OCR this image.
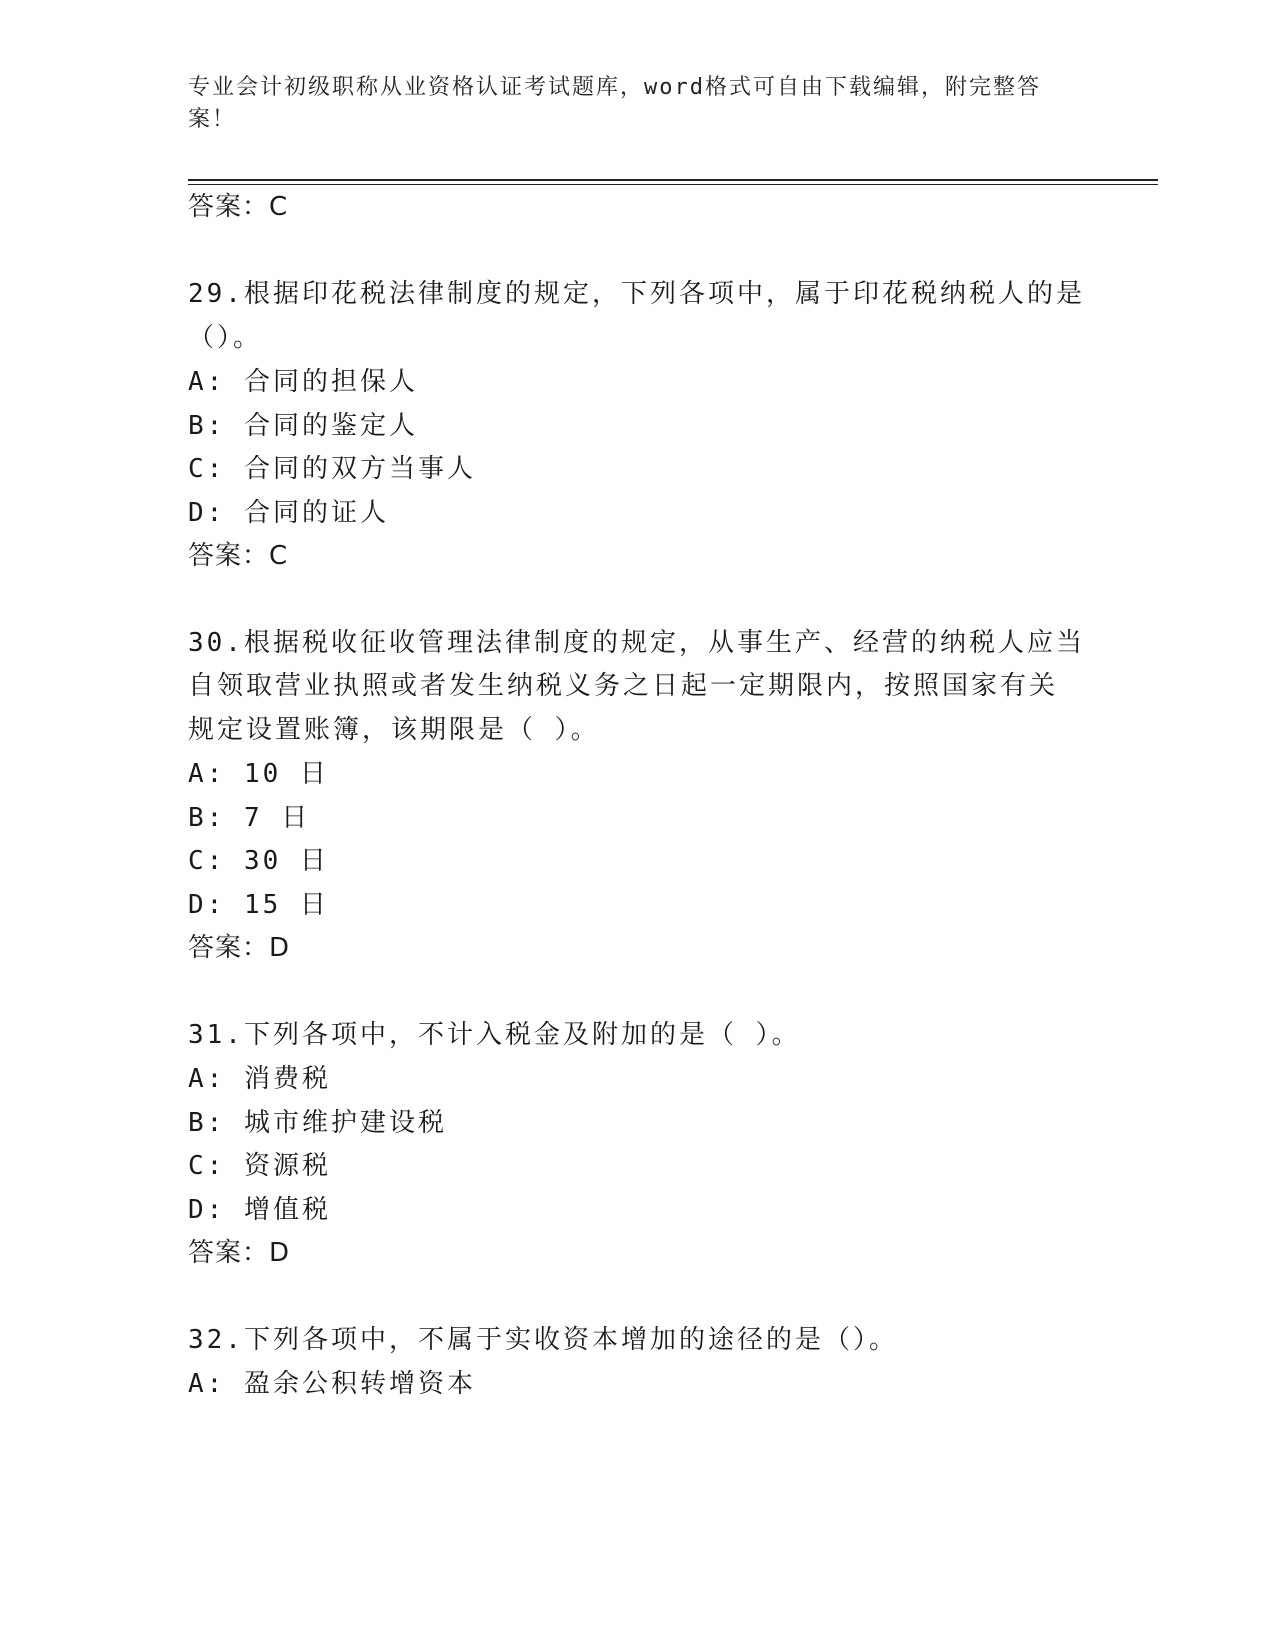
专业会计初级职称从业资格认证考试题库，word格式可自由下载编辑，附完整答案！
答案：C
29.根据印花税法律制度的规定，下列各项中，属于印花税纳税人的是
（）。
A: 合同的担保人
B: 合同的鉴定人
C: 合同的双方当事人
D: 合同的证人
答案：C
30.根据税收征收管理法律制度的规定，从事生产、经营的纳税人应当
自领取营业执照或者发生纳税义务之日起一定期限内，按照国家有关
规定设置账簿，该期限是（ ）。
A: 10 日
B: 7 日
C: 30 日
D: 15 日
答案：D
31.下列各项中，不计入税金及附加的是（ ）。
A: 消费税
B: 城市维护建设税
C: 资源税
D: 增值税
答案：D
32.下列各项中，不属于实收资本增加的途径的是（）。
A: 盈余公积转增资本
